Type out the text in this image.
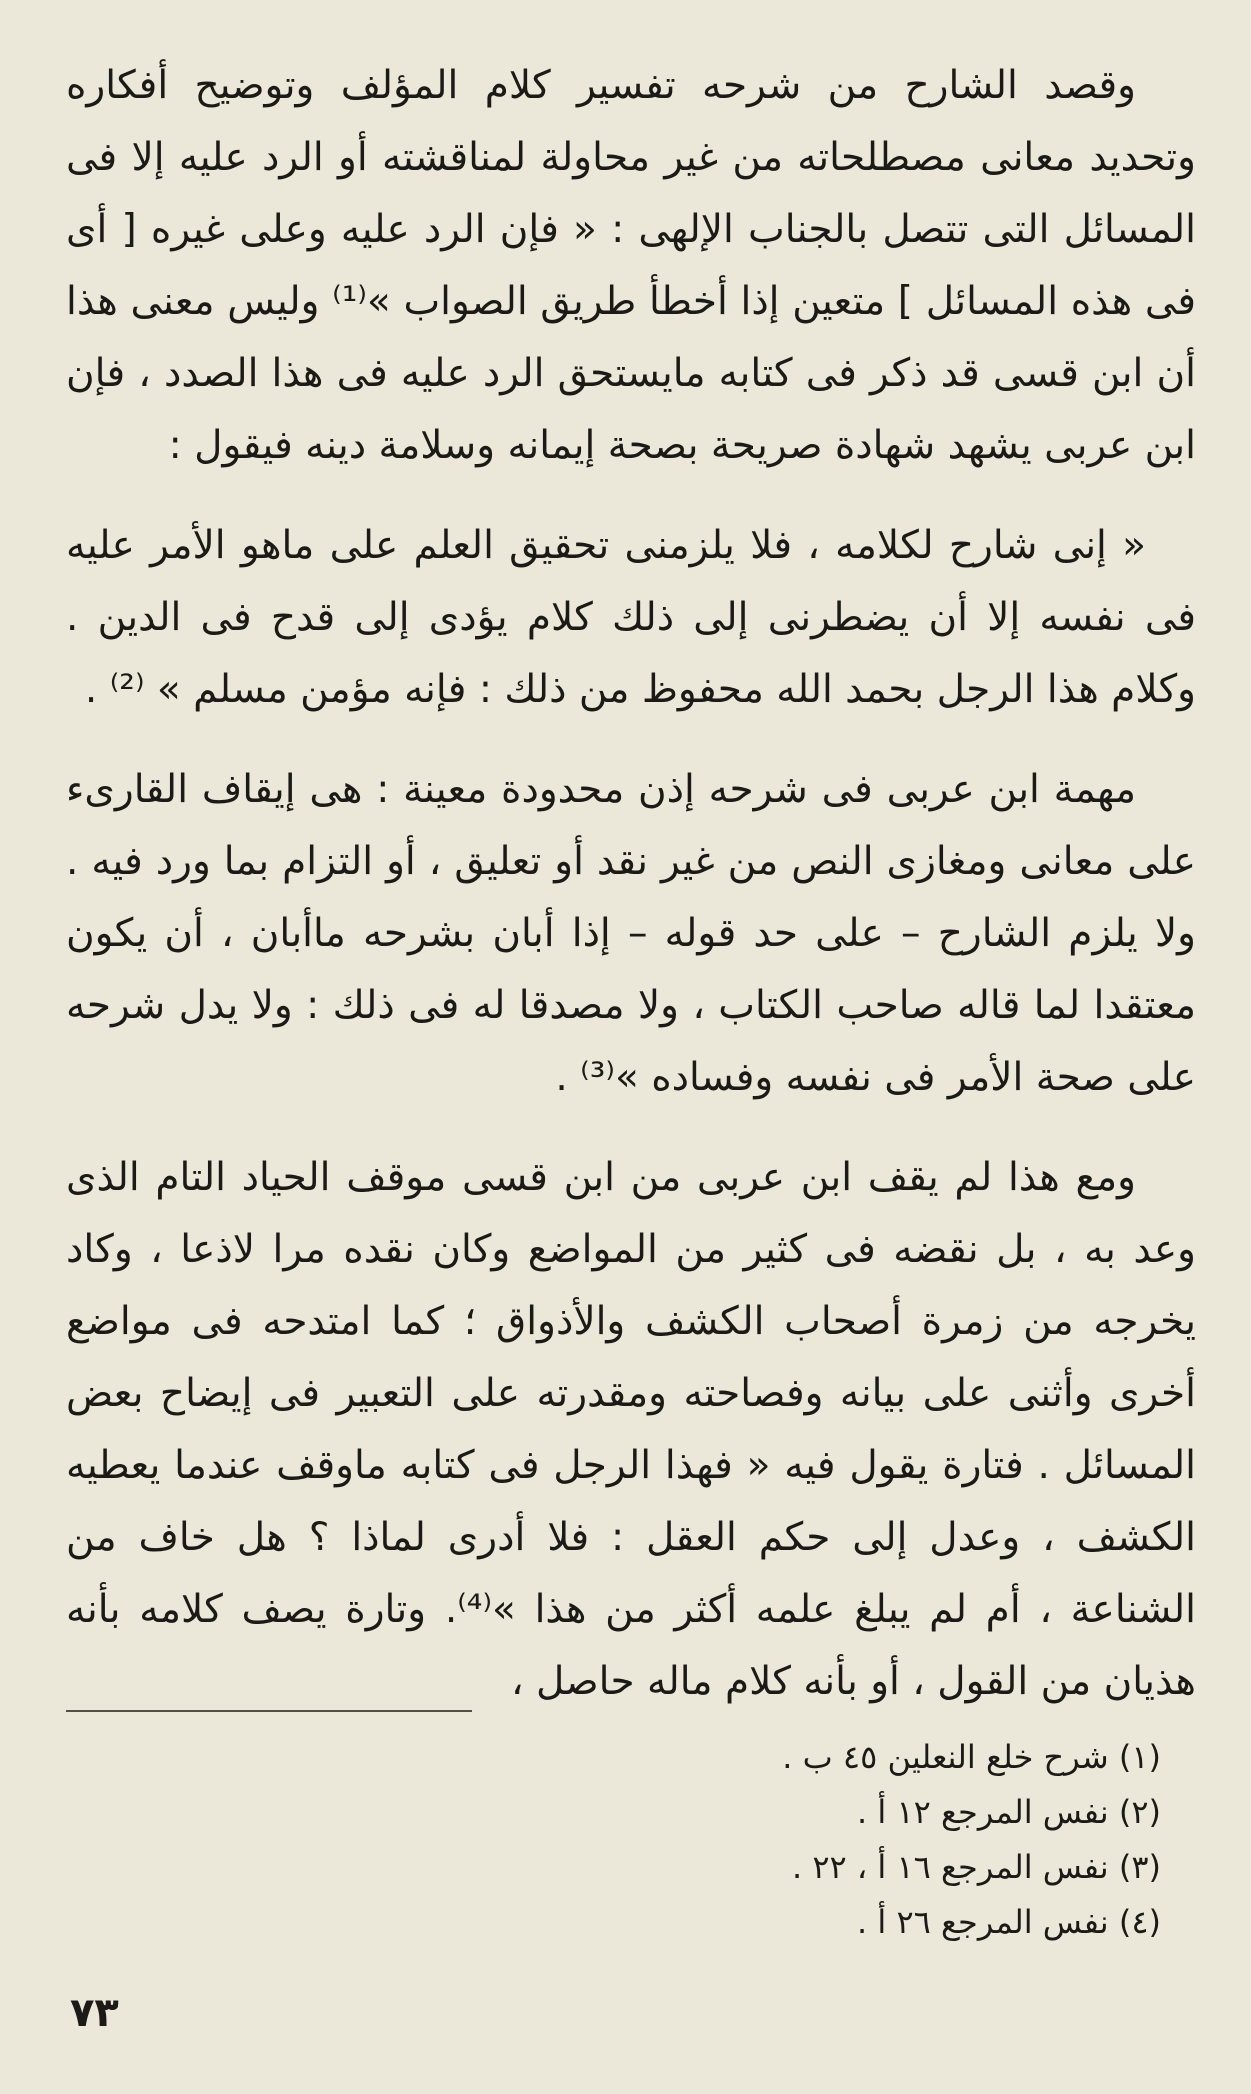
وقصد الشارح من شرحه تفسير كلام المؤلف وتوضيح أفكاره وتحديد معانى مصطلحاته من غير محاولة لمناقشته أو الرد عليه إلا فى المسائل التى تتصل بالجناب الإلهى : « فإن الرد عليه وعلى غيره [ أى فى هذه المسائل ] متعين إذا أخطأ طريق الصواب »⁽¹⁾ وليس معنى هذا أن ابن قسى قد ذكر فى كتابه مايستحق الرد عليه فى هذا الصدد ، فإن ابن عربى يشهد شهادة صريحة بصحة إيمانه وسلامة دينه فيقول :

« إنى شارح لكلامه ، فلا يلزمنى تحقيق العلم على ماهو الأمر عليه فى نفسه إلا أن يضطرنى إلى ذلك كلام يؤدى إلى قدح فى الدين . وكلام هذا الرجل بحمد الله محفوظ من ذلك : فإنه مؤمن مسلم » ⁽²⁾ .

مهمة ابن عربى فى شرحه إذن محدودة معينة : هى إيقاف القارىء على معانى ومغازى النص من غير نقد أو تعليق ، أو التزام بما ورد فيه . ولا يلزم الشارح – على حد قوله – إذا أبان بشرحه ماأبان ، أن يكون معتقدا لما قاله صاحب الكتاب ، ولا مصدقا له فى ذلك : ولا يدل شرحه على صحة الأمر فى نفسه وفساده »⁽³⁾ .

ومع هذا لم يقف ابن عربى من ابن قسى موقف الحياد التام الذى وعد به ، بل نقضه فى كثير من المواضع وكان نقده مرا لاذعا ، وكاد يخرجه من زمرة أصحاب الكشف والأذواق ؛ كما امتدحه فى مواضع أخرى وأثنى على بيانه وفصاحته ومقدرته على التعبير فى إيضاح بعض المسائل . فتارة يقول فيه « فهذا الرجل فى كتابه ماوقف عندما يعطيه الكشف ، وعدل إلى حكم العقل : فلا أدرى لماذا ؟ هل خاف من الشناعة ، أم لم يبلغ علمه أكثر من هذا »⁽⁴⁾. وتارة يصف كلامه بأنه هذيان من القول ، أو بأنه كلام ماله حاصل ،

(١) شرح خلع النعلين ٤٥ ب .

(٢) نفس المرجع ١٢ أ .

(٣) نفس المرجع ١٦ أ ، ٢٢ .

(٤) نفس المرجع ٢٦ أ .

٧٣
